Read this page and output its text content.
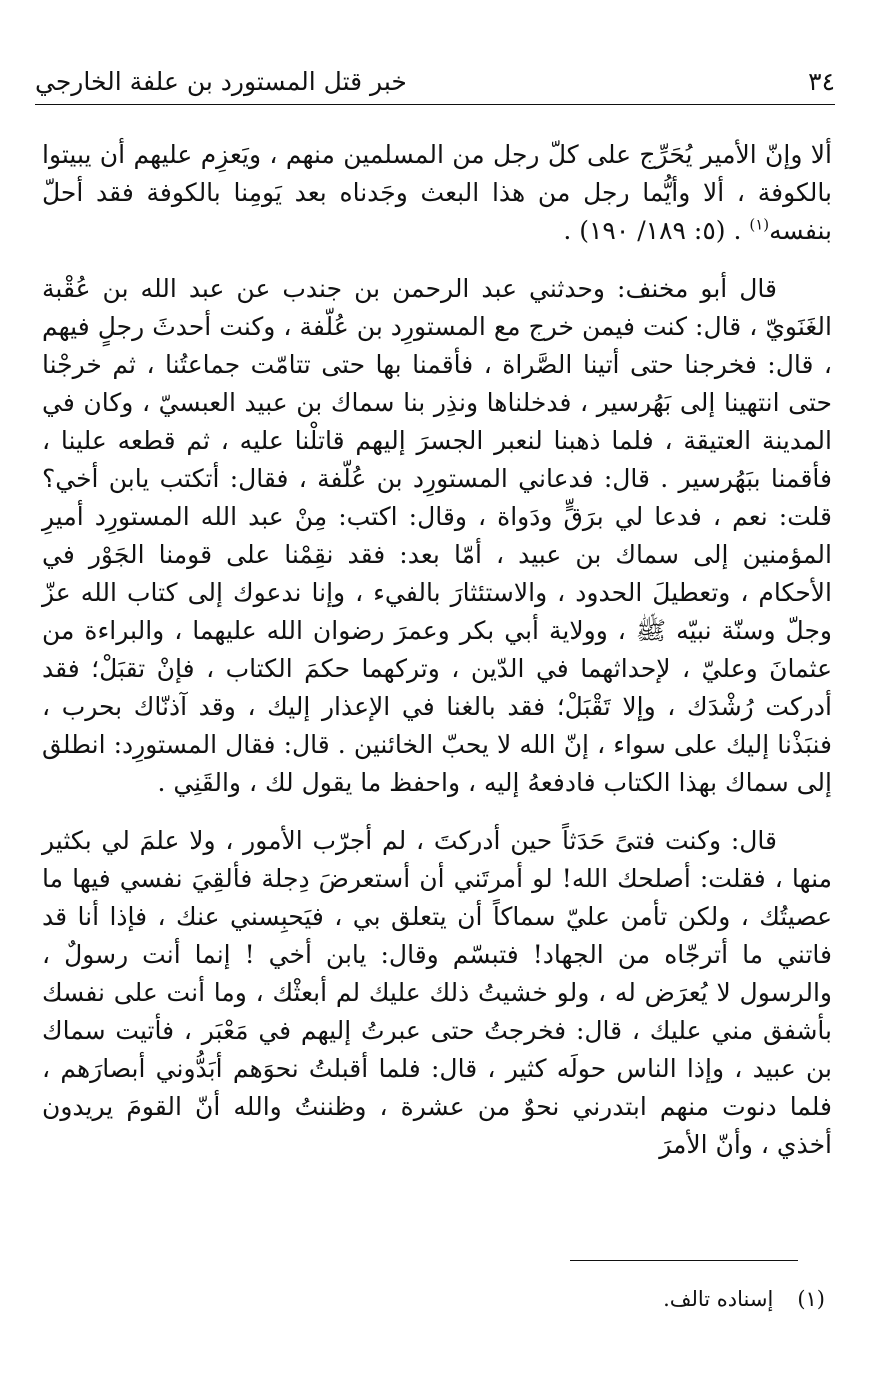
٣٤
خبر قتل المستورد بن علفة الخارجي

ألا وإنّ الأمير يُحَرِّج على كلّ رجل من المسلمين منهم ، ويَعزِم عليهم أن يبيتوا بالكوفة ، ألا وأيُّما رجل من هذا البعث وجَدناه بعد يَومِنا بالكوفة فقد أحلّ بنفسه$^{(١)}$ . (٥: ١٨٩/ ١٩٠) .

قال أبو مخنف: وحدثني عبد الرحمن بن جندب عن عبد الله بن عُقْبة الغَنَويّ ، قال: كنت فيمن خرج مع المستورِد بن عُلّفة ، وكنت أحدثَ رجلٍ فيهم ، قال: فخرجنا حتى أتينا الصَّراة ، فأقمنا بها حتى تتامّت جماعتُنا ، ثم خرجْنا حتى انتهينا إلى بَهُرسير ، فدخلناها ونذِر بنا سماك بن عبيد العبسيّ ، وكان في المدينة العتيقة ، فلما ذهبنا لنعبر الجسرَ إليهم قاتلْنا عليه ، ثم قطعه علينا ، فأقمنا ببَهُرسير . قال: فدعاني المستورِد بن عُلّفة ، فقال: أتكتب يابن أخي؟ قلت: نعم ، فدعا لي برَقٍّ ودَواة ، وقال: اكتب: مِنْ عبد الله المستورِد أميرِ المؤمنين إلى سماك بن عبيد ، أمّا بعد: فقد نقِمْنا على قومنا الجَوْر في الأحكام ، وتعطيلَ الحدود ، والاستئثارَ بالفيء ، وإنا ندعوك إلى كتاب الله عزّ وجلّ وسنّة نبيّه ﷺ ، وولاية أبي بكر وعمرَ رضوان الله عليهما ، والبراءة من عثمانَ وعليّ ، لإحداثهما في الدّين ، وتركهما حكمَ الكتاب ، فإنْ تقبَلْ؛ فقد أدركت رُشْدَك ، وإلا تَقْبَلْ؛ فقد بالغنا في الإعذار إليك ، وقد آذنّاك بحرب ، فنبَذْنا إليك على سواء ، إنّ الله لا يحبّ الخائنين . قال: فقال المستورِد: انطلق إلى سماك بهذا الكتاب فادفعهُ إليه ، واحفظ ما يقول لك ، والقَنِي .

قال: وكنت فتىً حَدَثاً حين أدركتَ ، لم أجرّب الأمور ، ولا علمَ لي بكثير منها ، فقلت: أصلحك الله! لو أمرتَني أن أستعرضَ دِجلة فألقِيَ نفسي فيها ما عصيتُك ، ولكن تأمن عليّ سماكاً أن يتعلق بي ، فيَحبِسني عنك ، فإذا أنا قد فاتني ما أترجّاه من الجهاد! فتبسّم وقال: يابن أخي ! إنما أنت رسولٌ ، والرسول لا يُعرَض له ، ولو خشيتُ ذلك عليك لم أبعثْك ، وما أنت على نفسك بأشفق مني عليك ، قال: فخرجتُ حتى عبرتُ إليهم في مَعْبَر ، فأتيت سماك بن عبيد ، وإذا الناس حولَه كثير ، قال: فلما أقبلتُ نحوَهم أبَدُّوني أبصارَهم ، فلما دنوت منهم ابتدرني نحوٌ من عشرة ، وظننتُ والله أنّ القومَ يريدون أخذي ، وأنّ الأمرَ

(١)إسناده تالف.
